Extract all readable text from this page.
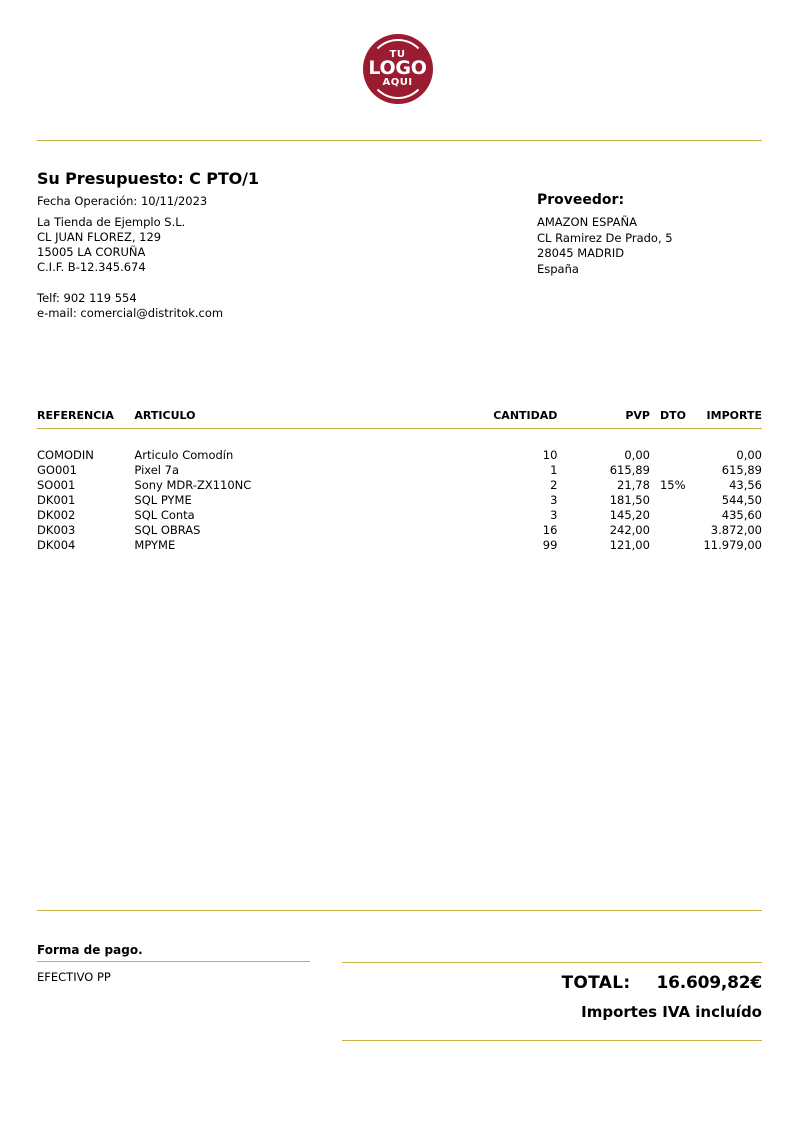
TU
LOGO
AQUI
Su Presupuesto: C PTO/1
Fecha Operación: 10/11/2023
La Tienda de Ejemplo S.L.
CL JUAN FLOREZ, 129
15005 LA CORUÑA
C.I.F. B-12.345.674
Telf: 902 119 554
e-mail: comercial@distritok.com
Proveedor:
AMAZON ESPAÑA
CL Ramirez De Prado, 5
28045 MADRID
España
REFERENCIA	ARTICULO	CANTIDAD	PVP	DTO	IMPORTE

COMODIN	Articulo Comodín	10	0,00		0,00
GO001	Pixel 7a	1	615,89		615,89
SO001	Sony MDR-ZX110NC	2	21,78	15%	43,56
DK001	SQL PYME	3	181,50		544,50
DK002	SQL Conta	3	145,20		435,60
DK003	SQL OBRAS	16	242,00		3.872,00
DK004	MPYME	99	121,00		11.979,00
Forma de pago.
EFECTIVO PP	TOTAL: 16.609,82€
Importes IVA incluído
